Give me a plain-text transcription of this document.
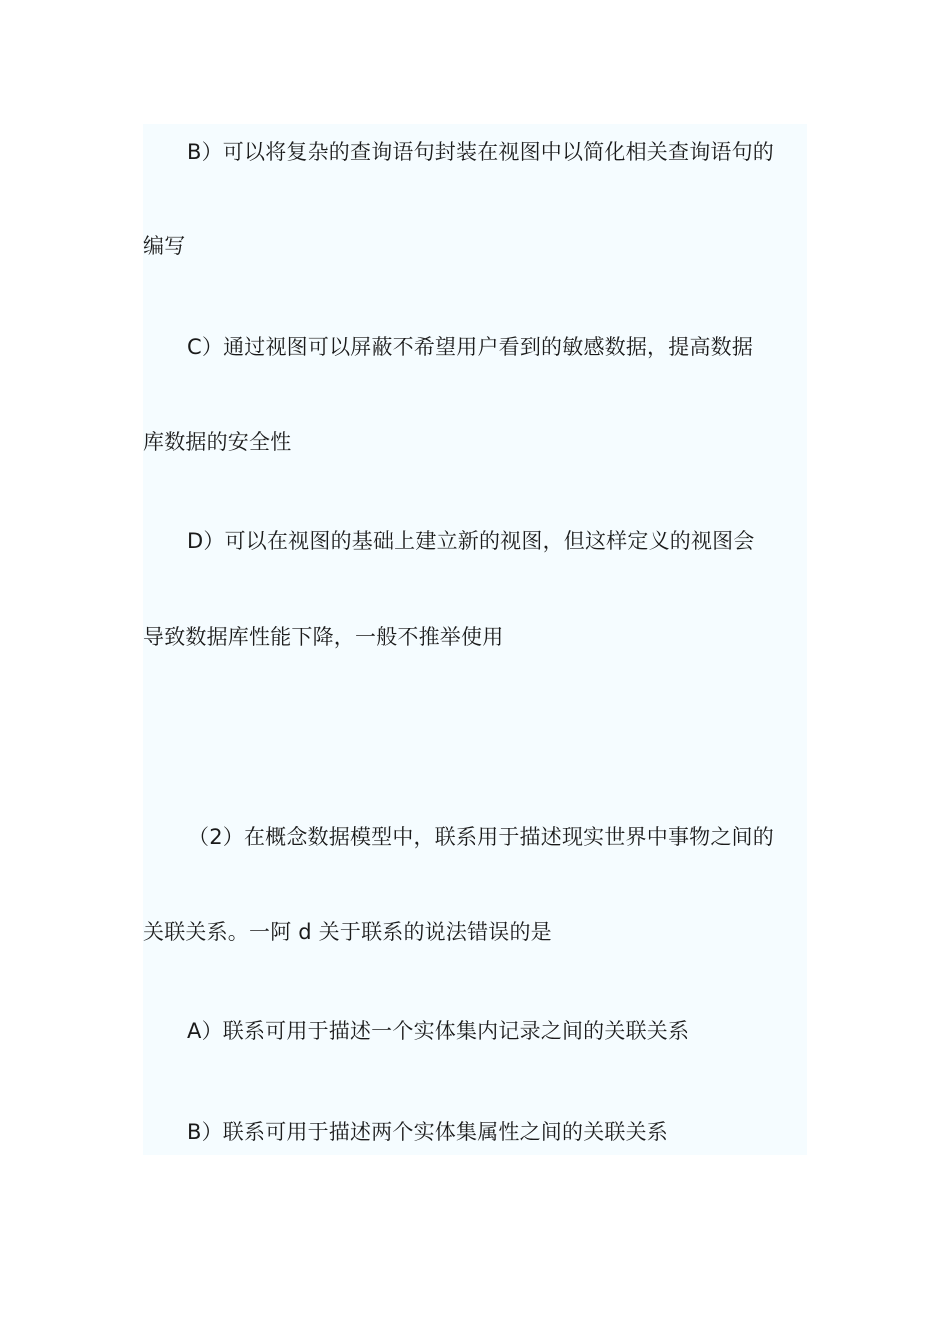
B）可以将复杂的查询语句封装在视图中以简化相关查询语句的
编写
C）通过视图可以屏蔽不希望用户看到的敏感数据，提高数据
库数据的安全性
D）可以在视图的基础上建立新的视图，但这样定义的视图会
导致数据库性能下降，一般不推举使用
（2）在概念数据模型中，联系用于描述现实世界中事物之间的
关联关系。一阿 d 关于联系的说法错误的是
A）联系可用于描述一个实体集内记录之间的关联关系
B）联系可用于描述两个实体集属性之间的关联关系
